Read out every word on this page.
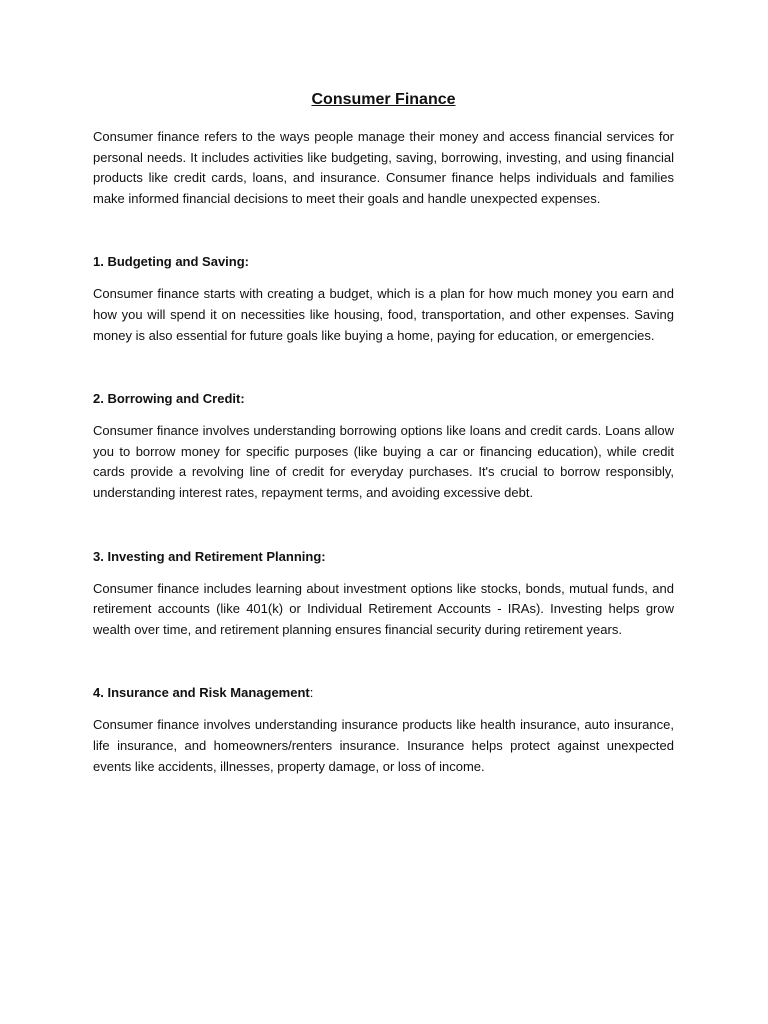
Consumer Finance

Consumer finance refers to the ways people manage their money and access financial services for personal needs. It includes activities like budgeting, saving, borrowing, investing, and using financial products like credit cards, loans, and insurance. Consumer finance helps individuals and families make informed financial decisions to meet their goals and handle unexpected expenses.

1. Budgeting and Saving:

Consumer finance starts with creating a budget, which is a plan for how much money you earn and how you will spend it on necessities like housing, food, transportation, and other expenses. Saving money is also essential for future goals like buying a home, paying for education, or emergencies.

2. Borrowing and Credit:

Consumer finance involves understanding borrowing options like loans and credit cards. Loans allow you to borrow money for specific purposes (like buying a car or financing education), while credit cards provide a revolving line of credit for everyday purchases. It's crucial to borrow responsibly, understanding interest rates, repayment terms, and avoiding excessive debt.

3. Investing and Retirement Planning:

Consumer finance includes learning about investment options like stocks, bonds, mutual funds, and retirement accounts (like 401(k) or Individual Retirement Accounts - IRAs). Investing helps grow wealth over time, and retirement planning ensures financial security during retirement years.

4. Insurance and Risk Management:

Consumer finance involves understanding insurance products like health insurance, auto insurance, life insurance, and homeowners/renters insurance. Insurance helps protect against unexpected events like accidents, illnesses, property damage, or loss of income.
